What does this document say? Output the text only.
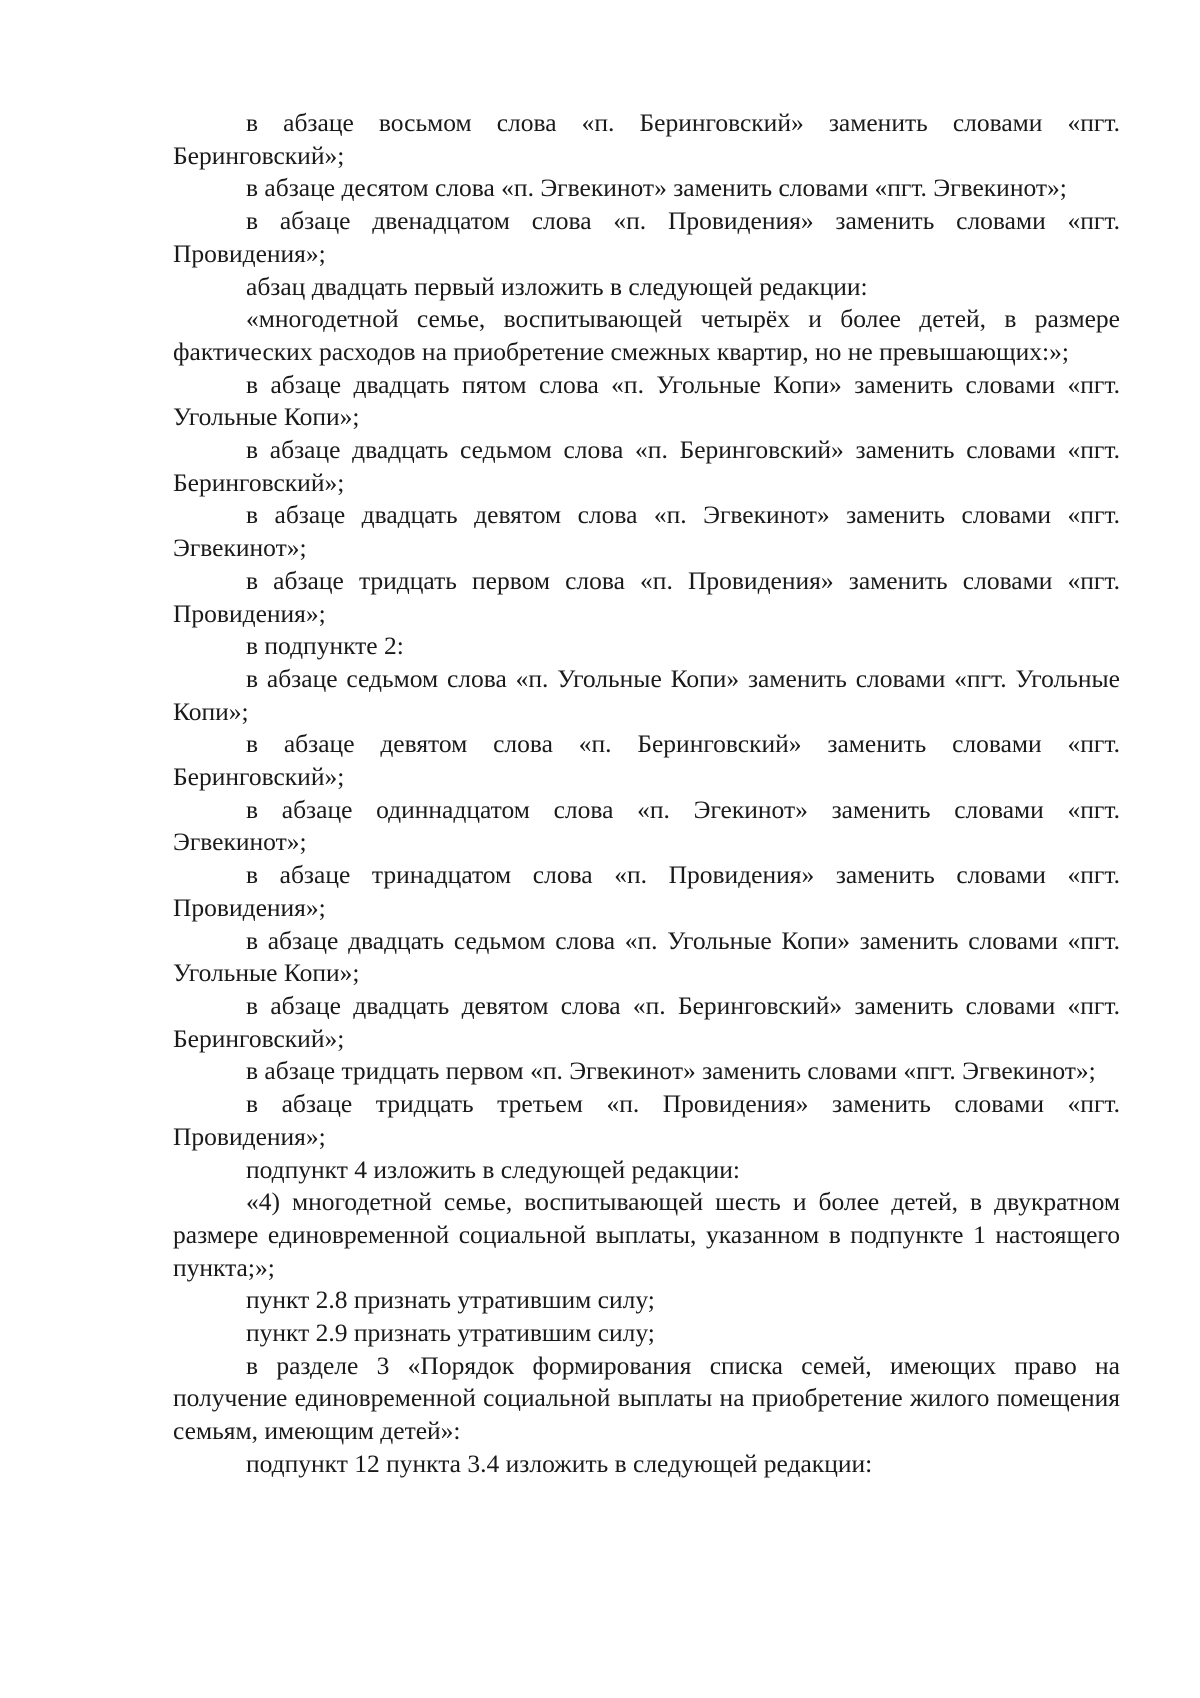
в абзаце восьмом слова «п. Беринговский» заменить словами «пгт. Беринговский»;

в абзаце десятом слова «п. Эгвекинот» заменить словами «пгт. Эгвекинот»;

в абзаце двенадцатом слова «п. Провидения» заменить словами «пгт. Провидения»;

абзац двадцать первый изложить в следующей редакции:

«многодетной семье, воспитывающей четырёх и более детей, в размере фактических расходов на приобретение смежных квартир, но не превышающих:»;

в абзаце двадцать пятом слова «п. Угольные Копи» заменить словами «пгт. Угольные Копи»;

в абзаце двадцать седьмом слова «п. Беринговский» заменить словами «пгт. Беринговский»;

в абзаце двадцать девятом слова «п. Эгвекинот» заменить словами «пгт. Эгвекинот»;

в абзаце тридцать первом слова «п. Провидения» заменить словами «пгт. Провидения»;

в подпункте 2:

в абзаце седьмом слова «п. Угольные Копи» заменить словами «пгт. Угольные Копи»;

в абзаце девятом слова «п. Беринговский» заменить словами «пгт. Беринговский»;

в абзаце одиннадцатом слова «п. Эгекинот» заменить словами «пгт. Эгвекинот»;

в абзаце тринадцатом слова «п. Провидения» заменить словами «пгт. Провидения»;

в абзаце двадцать седьмом слова «п. Угольные Копи» заменить словами «пгт. Угольные Копи»;

в абзаце двадцать девятом слова «п. Беринговский» заменить словами «пгт. Беринговский»;

в абзаце тридцать первом «п. Эгвекинот» заменить словами «пгт. Эгвекинот»;

в абзаце тридцать третьем «п. Провидения» заменить словами «пгт. Провидения»;

подпункт 4 изложить в следующей редакции:

«4) многодетной семье, воспитывающей шесть и более детей, в двукратном размере единовременной социальной выплаты, указанном в подпункте 1 настоящего пункта;»;

пункт 2.8 признать утратившим силу;

пункт 2.9 признать утратившим силу;

в разделе 3 «Порядок формирования списка семей, имеющих право на получение единовременной социальной выплаты на приобретение жилого помещения семьям, имеющим детей»:

подпункт 12 пункта 3.4 изложить в следующей редакции:
